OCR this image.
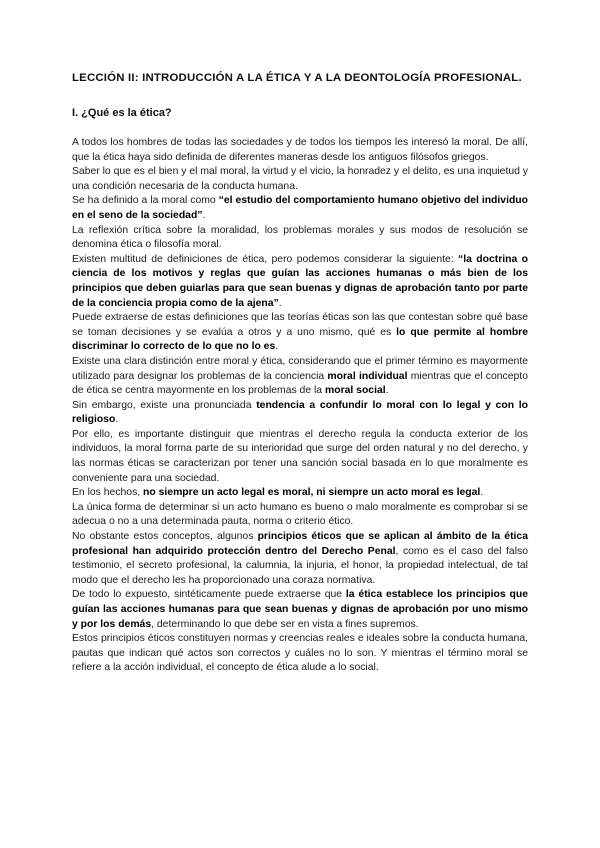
LECCIÓN II: INTRODUCCIÓN A LA ÉTICA Y A LA DEONTOLOGÍA PROFESIONAL.
I. ¿Qué es la ética?

A todos los hombres de todas las sociedades y de todos los tiempos les interesó la moral. De allí, que la ética haya sido definida de diferentes maneras desde los antiguos filósofos griegos.

Saber lo que es el bien y el mal moral, la virtud y el vicio, la honradez y el delito, es una inquietud y una condición necesaria de la conducta humana.

Se ha definido a la moral como “el estudio del comportamiento humano objetivo del individuo en el seno de la sociedad”.

La reflexión crítica sobre la moralidad, los problemas morales y sus modos de resolución se denomina ética o filosofía moral.

Existen multitud de definiciones de ética, pero podemos considerar la siguiente: “la doctrina o ciencia de los motivos y reglas que guían las acciones humanas o más bien de los principios que deben guiarlas para que sean buenas y dignas de aprobación tanto por parte de la conciencia propia como de la ajena”.

Puede extraerse de estas definiciones que las teorías éticas son las que contestan sobre qué base se toman decisiones y se evalúa a otros y a uno mismo, qué es lo que permite al hombre discriminar lo correcto de lo que no lo es.

Existe una clara distinción entre moral y ética, considerando que el primer término es mayormente utilizado para designar los problemas de la conciencia moral individual mientras que el concepto de ética se centra mayormente en los problemas de la moral social.

Sin embargo, existe una pronunciada tendencia a confundir lo moral con lo legal y con lo religioso.

Por ello, es importante distinguir que mientras el derecho regula la conducta exterior de los individuos, la moral forma parte de su interioridad que surge del orden natural y no del derecho, y las normas éticas se caracterizan por tener una sanción social basada en lo que moralmente es conveniente para una sociedad.

En los hechos, no siempre un acto legal es moral, ni siempre un acto moral es legal.

La única forma de determinar si un acto humano es bueno o malo moralmente es comprobar si se adecua o no a una determinada pauta, norma o criterio ético.

No obstante estos conceptos, algunos principios éticos que se aplican al ámbito de la ética profesional han adquirido protección dentro del Derecho Penal, como es el caso del falso testimonio, el secreto profesional, la calumnia, la injuria, el honor, la propiedad intelectual, de tal modo que el derecho les ha proporcionado una coraza normativa.

De todo lo expuesto, sintéticamente puede extraerse que la ética establece los principios que guían las acciones humanas para que sean buenas y dignas de aprobación por uno mismo y por los demás, determinando lo que debe ser en vista a fines supremos.

Estos principios éticos constituyen normas y creencias reales e ideales sobre la conducta humana, pautas que indican qué actos son correctos y cuáles no lo son. Y mientras el término moral se refiere a la acción individual, el concepto de ética alude a lo social.
